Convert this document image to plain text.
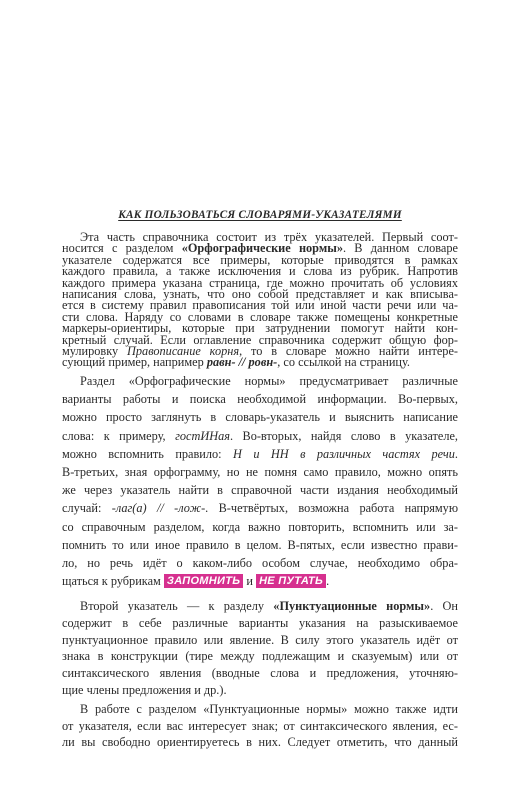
КАК ПОЛЬЗОВАТЬСЯ СЛОВАРЯМИ-УКАЗАТЕЛЯМИ
Эта часть справочника состоит из трёх указателей. Первый соот-
носится с разделом «Орфографические нормы». В данном словаре
указателе содержатся все примеры, которые приводятся в рамках
каждого правила, а также исключения и слова из рубрик. Напротив
каждого примера указана страница, где можно прочитать об условиях
написания слова, узнать, что оно собой представляет и как вписыва-
ется в систему правил правописания той или иной части речи или ча-
сти слова. Наряду со словами в словаре также помещены конкретные
маркеры-ориентиры, которые при затруднении помогут найти кон-
кретный случай. Если оглавление справочника содержит общую фор-
мулировку Правописание корня, то в словаре можно найти интере-
сующий пример, например равн- // ровн-, со ссылкой на страницу.
Раздел «Орфографические нормы» предусматривает различные
варианты работы и поиска необходимой информации. Во-первых,
можно просто заглянуть в словарь-указатель и выяснить написание
слова: к примеру, гостИНая. Во-вторых, найдя слово в указателе,
можно вспомнить правило: Н и НН в различных частях речи.
В-третьих, зная орфограмму, но не помня само правило, можно опять
же через указатель найти в справочной части издания необходимый
случай: -лаг(а) // -лож-. В-четвёртых, возможна работа напрямую
со справочным разделом, когда важно повторить, вспомнить или за-
помнить то или иное правило в целом. В-пятых, если известно прави-
ло, но речь идёт о каком-либо особом случае, необходимо обра-
щаться к рубрикам ЗАПОМНИТЬ и НЕ ПУТАТЬ .
Второй указатель — к разделу «Пунктуационные нормы». Он
содержит в себе различные варианты указания на разыскиваемое
пунктуационное правило или явление. В силу этого указатель идёт от
знака в конструкции (тире между подлежащим и сказуемым) или от
синтаксического явления (вводные слова и предложения, уточняю-
щие члены предложения и др.).
В работе с разделом «Пунктуационные нормы» можно также идти
от указателя, если вас интересует знак; от синтаксического явления, ес-
ли вы свободно ориентируетесь в них. Следует отметить, что данный
